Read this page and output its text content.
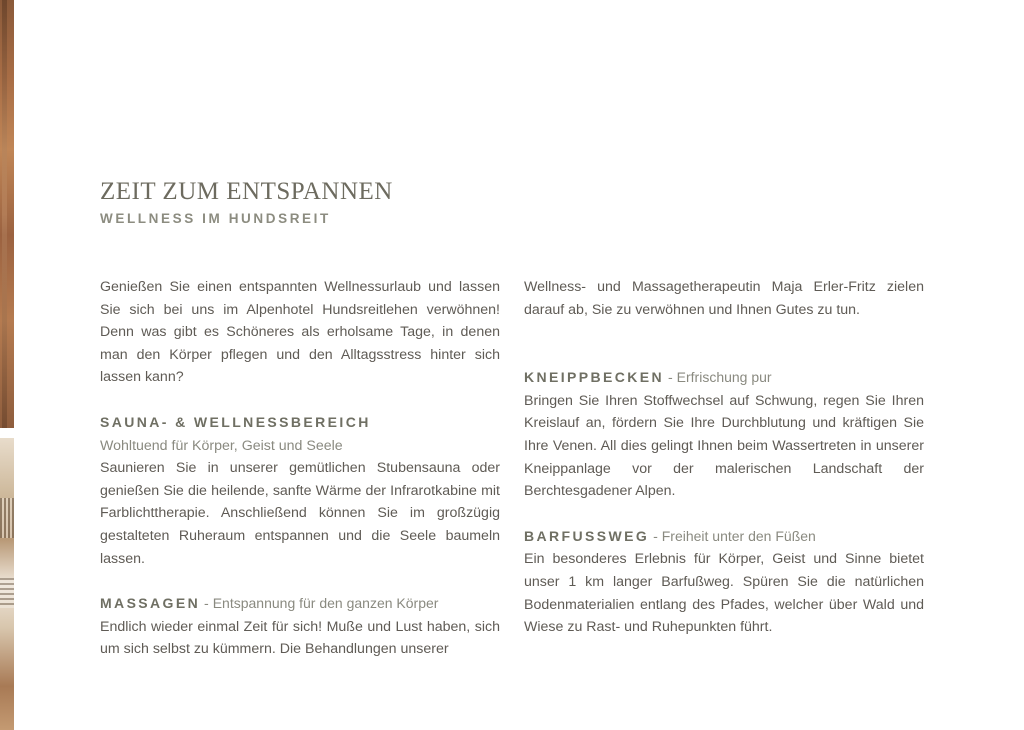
ZEIT ZUM ENTSPANNEN
WELLNESS IM HUNDSREIT

Genießen Sie einen entspannten Wellnessurlaub und lassen Sie sich bei uns im Alpenhotel Hundsreitlehen verwöhnen! Denn was gibt es Schöneres als erholsame Tage, in denen man den Körper pflegen und den Alltagsstress hinter sich lassen kann?

SAUNA- & WELLNESSBEREICH

Wohltuend für Körper, Geist und Seele

Saunieren Sie in unserer gemütlichen Stubensauna oder genießen Sie die heilende, sanfte Wärme der Infrarotkabine mit Farblichttherapie. Anschließend können Sie im großzügig gestalteten Ruheraum entspannen und die Seele baumeln lassen.

MASSAGEN - Entspannung für den ganzen Körper

Endlich wieder einmal Zeit für sich! Muße und Lust haben, sich um sich selbst zu kümmern. Die Behandlungen unserer

Wellness- und Massagetherapeutin Maja Erler-Fritz zielen darauf ab, Sie zu verwöhnen und Ihnen Gutes zu tun.

KNEIPPBECKEN - Erfrischung pur

Bringen Sie Ihren Stoffwechsel auf Schwung, regen Sie Ihren Kreislauf an, fördern Sie Ihre Durchblutung und kräftigen Sie Ihre Venen. All dies gelingt Ihnen beim Wassertreten in unserer Kneippanlage vor der malerischen Landschaft der Berchtesgadener Alpen.

BARFUSSWEG - Freiheit unter den Füßen

Ein besonderes Erlebnis für Körper, Geist und Sinne bietet unser 1 km langer Barfußweg. Spüren Sie die natürlichen Bodenmaterialien entlang des Pfades, welcher über Wald und Wiese zu Rast- und Ruhepunkten führt.
